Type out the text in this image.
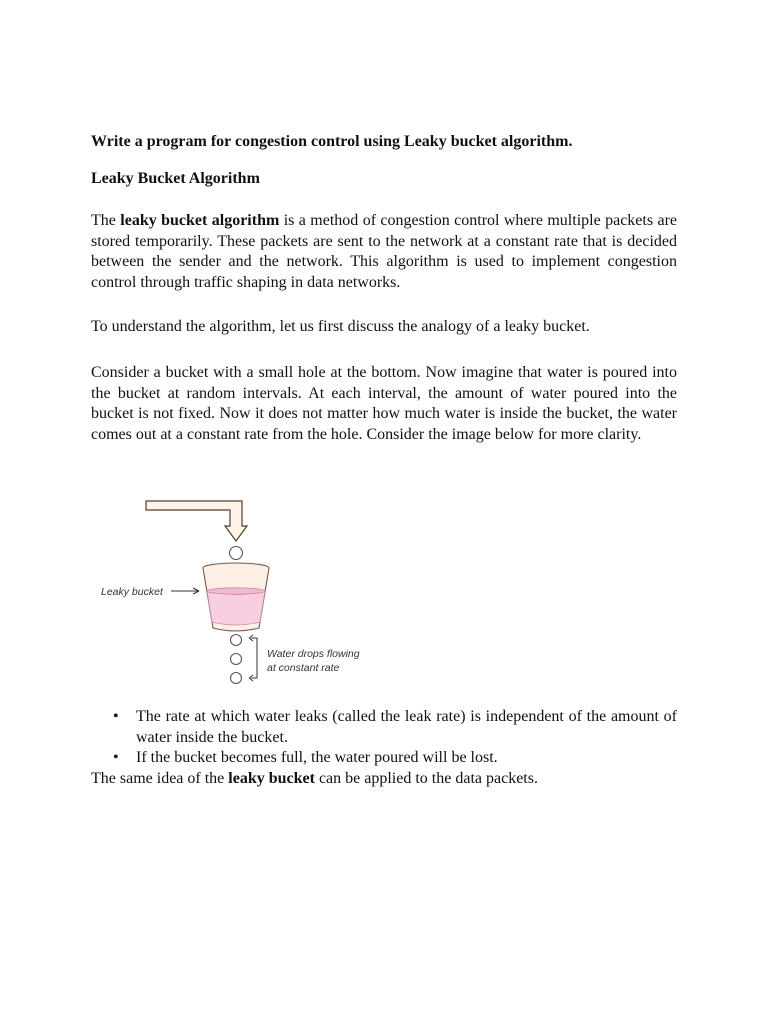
Write a program for congestion control using Leaky bucket algorithm.

Leaky Bucket Algorithm

The leaky bucket algorithm is a method of congestion control where multiple packets are stored temporarily. These packets are sent to the network at a constant rate that is decided between the sender and the network. This algorithm is used to implement congestion control through traffic shaping in data networks.

To understand the algorithm, let us first discuss the analogy of a leaky bucket.

Consider a bucket with a small hole at the bottom. Now imagine that water is poured into the bucket at random intervals. At each interval, the amount of water poured into the bucket is not fixed. Now it does not matter how much water is inside the bucket, the water comes out at a constant rate from the hole. Consider the image below for more clarity.

Leaky bucket
Water drops flowing
at constant rate
• The rate at which water leaks (called the leak rate) is independent of the amount of water inside the bucket.
• If the bucket becomes full, the water poured will be lost.

The same idea of the leaky bucket can be applied to the data packets.
